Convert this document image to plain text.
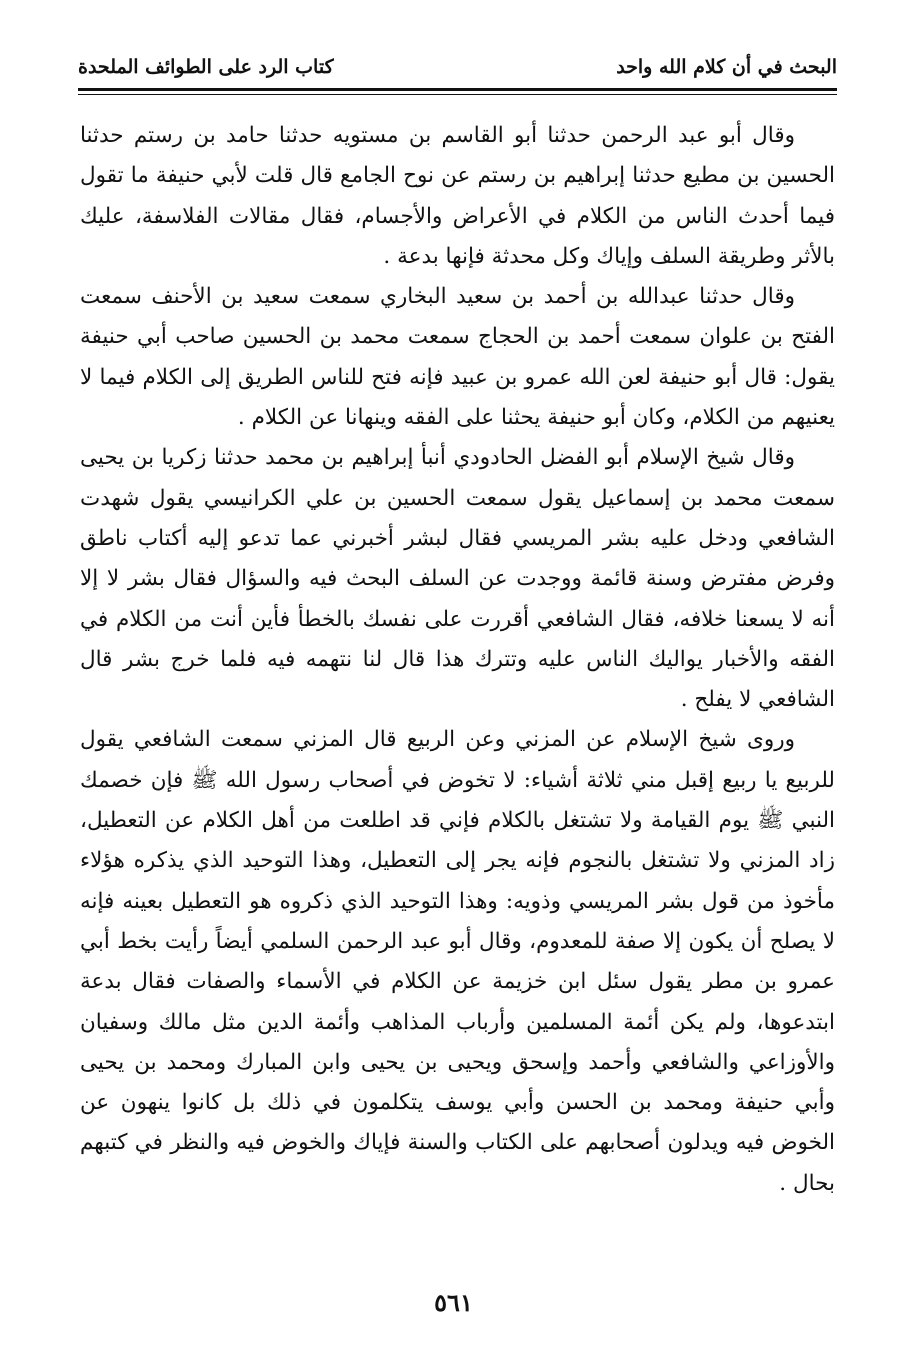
البحث في أن كلام الله واحد
كتاب الرد على الطوائف الملحدة

وقال أبو عبد الرحمن حدثنا أبو القاسم بن مستويه حدثنا حامد بن رستم حدثنا الحسين بن مطيع حدثنا إبراهيم بن رستم عن نوح الجامع قال قلت لأبي حنيفة ما تقول فيما أحدث الناس من الكلام في الأعراض والأجسام، فقال مقالات الفلاسفة، عليك بالأثر وطريقة السلف وإياك وكل محدثة فإنها بدعة .

وقال حدثنا عبدالله بن أحمد بن سعيد البخاري سمعت سعيد بن الأحنف سمعت الفتح بن علوان سمعت أحمد بن الحجاج سمعت محمد بن الحسين صاحب أبي حنيفة يقول: قال أبو حنيفة لعن الله عمرو بن عبيد فإنه فتح للناس الطريق إلى الكلام فيما لا يعنيهم من الكلام، وكان أبو حنيفة يحثنا على الفقه وينهانا عن الكلام .

وقال شيخ الإسلام أبو الفضل الحادودي أنبأ إبراهيم بن محمد حدثنا زكريا بن يحيى سمعت محمد بن إسماعيل يقول سمعت الحسين بن علي الكرانيسي يقول شهدت الشافعي ودخل عليه بشر المريسي فقال لبشر أخبرني عما تدعو إليه أكتاب ناطق وفرض مفترض وسنة قائمة ووجدت عن السلف البحث فيه والسؤال فقال بشر لا إلا أنه لا يسعنا خلافه، فقال الشافعي أقررت على نفسك بالخطأ فأين أنت من الكلام في الفقه والأخبار يواليك الناس عليه وتترك هذا قال لنا نتهمه فيه فلما خرج بشر قال الشافعي لا يفلح .

وروى شيخ الإسلام عن المزني وعن الربيع قال المزني سمعت الشافعي يقول للربيع يا ربيع إقبل مني ثلاثة أشياء: لا تخوض في أصحاب رسول الله ﷺ فإن خصمك النبي ﷺ يوم القيامة ولا تشتغل بالكلام فإني قد اطلعت من أهل الكلام عن التعطيل، زاد المزني ولا تشتغل بالنجوم فإنه يجر إلى التعطيل، وهذا التوحيد الذي يذكره هؤلاء مأخوذ من قول بشر المريسي وذويه: وهذا التوحيد الذي ذكروه هو التعطيل بعينه فإنه لا يصلح أن يكون إلا صفة للمعدوم، وقال أبو عبد الرحمن السلمي أيضاً رأيت بخط أبي عمرو بن مطر يقول سئل ابن خزيمة عن الكلام في الأسماء والصفات فقال بدعة ابتدعوها، ولم يكن أئمة المسلمين وأرباب المذاهب وأئمة الدين مثل مالك وسفيان والأوزاعي والشافعي وأحمد وإسحق ويحيى بن يحيى وابن المبارك ومحمد بن يحيى وأبي حنيفة ومحمد بن الحسن وأبي يوسف يتكلمون في ذلك بل كانوا ينهون عن الخوض فيه ويدلون أصحابهم على الكتاب والسنة فإياك والخوض فيه والنظر في كتبهم بحال .

٥٦١
